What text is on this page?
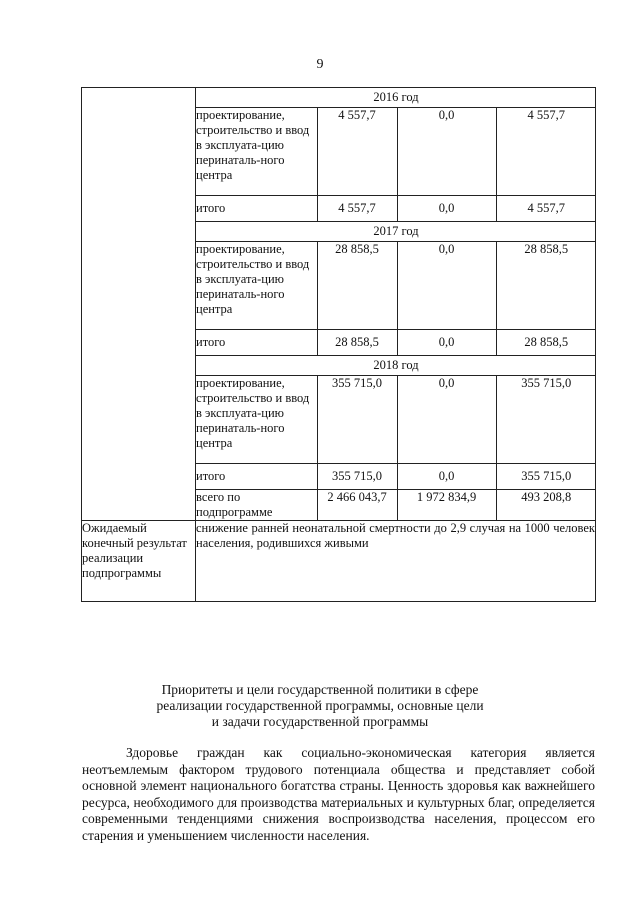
9

2016 год
проектирование, строительство и ввод в эксплуата-цию перинаталь-ного центра	4 557,7	0,0	4 557,7
итого	4 557,7	0,0	4 557,7
2017 год
проектирование, строительство и ввод в эксплуата-цию перинаталь-ного центра	28 858,5	0,0	28 858,5
итого	28 858,5	0,0	28 858,5
2018 год
проектирование, строительство и ввод в эксплуата-цию перинаталь-ного центра	355 715,0	0,0	355 715,0
итого	355 715,0	0,0	355 715,0
всего по подпрограмме	2 466 043,7	1 972 834,9	493 208,8

Ожидаемый конечный результат реализации подпрограммы	снижение ранней неонатальной смертности до 2,9 случая на 1000 человек населения, родившихся живыми
Приоритеты и цели государственной политики в сфере
реализации государственной программы, основные цели
и задачи государственной программы

Здоровье граждан как социально-экономическая категория является неотъемлемым фактором трудового потенциала общества и представляет собой основной элемент национального богатства страны. Ценность здоровья как важнейшего ресурса, необходимого для производства материальных и культурных благ, определяется современными тенденциями снижения воспроизводства населения, процессом его старения и уменьшением численности населения.
